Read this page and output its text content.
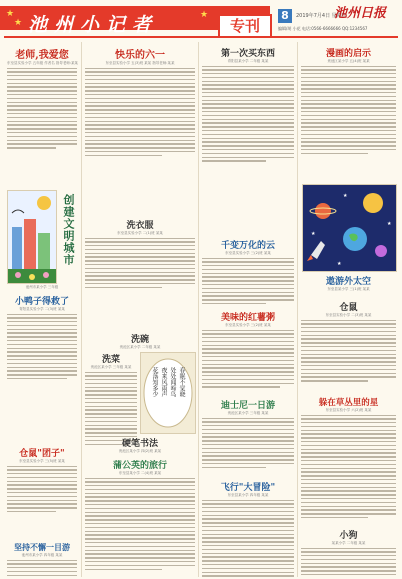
★
★
★
池州小记者	专刊
8	2019年7月4日 星期四
编辑/胡 小花 电话:0566-6666666 QQ:1234567
池州日报
老师,我爱您
东至县实验小学 五年级 作者名 指导老师:某某
创建文明城市
池州市某小学 三年级
小鸭子得救了
青阳县实验小学 二(3)班 某某
仓鼠"团子"
东至县实验小学 三(5)班 某某
坚持不懈一目游
池州市某小学 四年级 某某
快乐的六一
东至县实验小学 五(3)班 某某 指导老师:某某
洗衣服
东至县实验小学 二(1)班 某某
洗碗
贵池区某小学 二年级 某某
洗菜
贵池区某小学 三年级 某某	春眠不觉晓
处处闻啼鸟
夜来风雨声
花落知多少
硬笔书法
贵池区某小学 四(2)班 某某
蒲公英的旅行
东至县某小学 二(4)班 某某
第一次买东西
青阳县某小学 二年级 某某
千变万化的云
东至县实验小学 三(2)班 某某
美味的红薯粥
东至县实验小学 三(2)班 某某
迪士尼一日游
贵池区某小学 三年级 某某
飞行"大冒险"
东至县某小学 四年级 某某
漫画的启示
贵池区某小学 五(4)班 某某
★
★
★
★
遨游外太空
东至县某小学 三(1)班 某某
仓鼠
东至县实验小学 二(3)班 某某
躲在草丛里的星
东至县实验小学 六(2)班 某某
小狗
某某小学 二年级 某某
